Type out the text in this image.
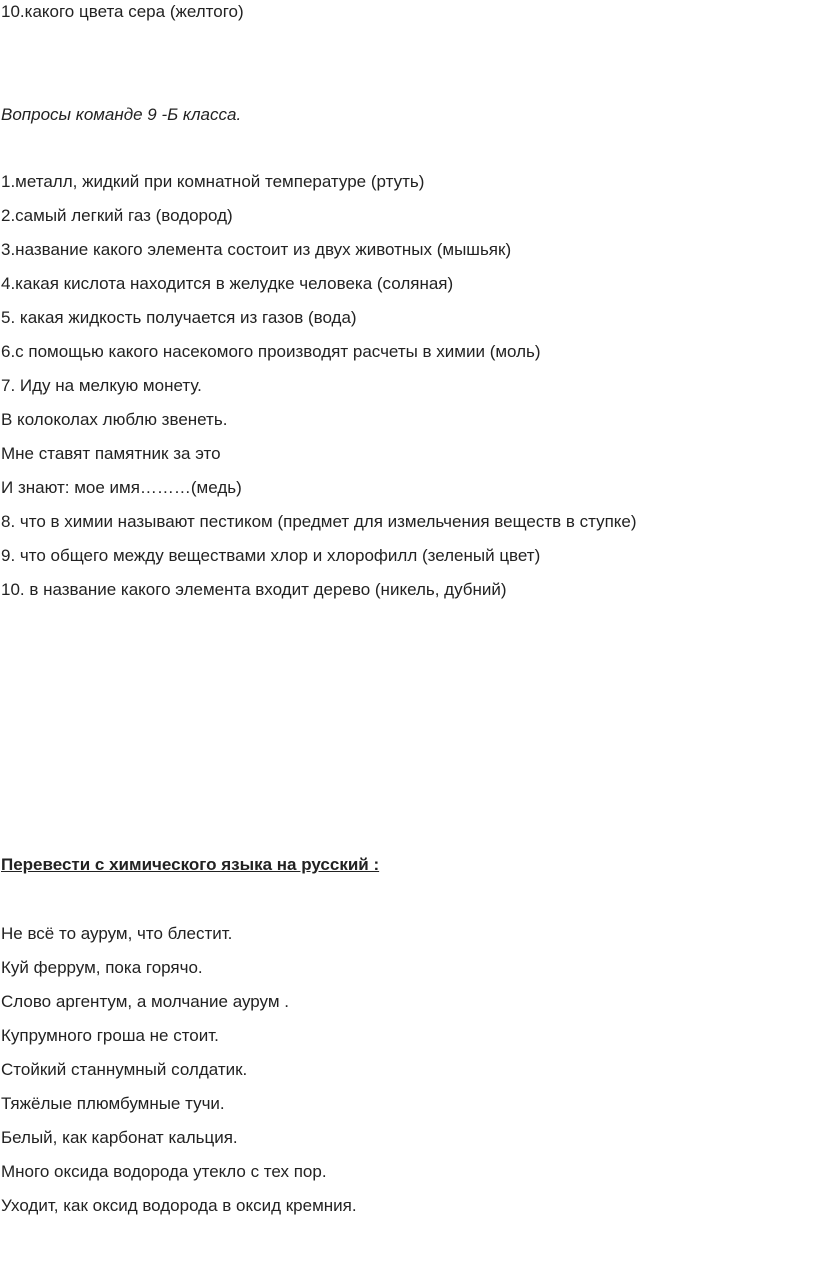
10.какого цвета сера (желтого)
Вопросы команде 9 -Б класса.
1.металл, жидкий при комнатной температуре (ртуть)
2.самый легкий газ (водород)
3.название какого элемента состоит из двух животных (мышьяк)
4.какая кислота находится в желудке человека (соляная)
5. какая жидкость получается из газов (вода)
6.с помощью какого насекомого производят расчеты в химии (моль)
7. Иду на мелкую монету.
В колоколах люблю звенеть.
Мне ставят памятник за это
И знают: мое имя………(медь)
8. что в химии называют пестиком (предмет для измельчения веществ в ступке)
9. что общего между веществами хлор и хлорофилл (зеленый цвет)
10. в название какого элемента входит дерево (никель, дубний)
Перевести с химического языка на русский :
Не всё то аурум, что блестит.
Куй феррум, пока горячо.
Слово аргентум, а молчание аурум .
Купрумного гроша не стоит.
Стойкий станнумный солдатик.
Тяжёлые плюмбумные тучи.
Белый, как карбонат кальция.
Много оксида водорода утекло с тех пор.
Уходит, как оксид водорода в оксид кремния.
